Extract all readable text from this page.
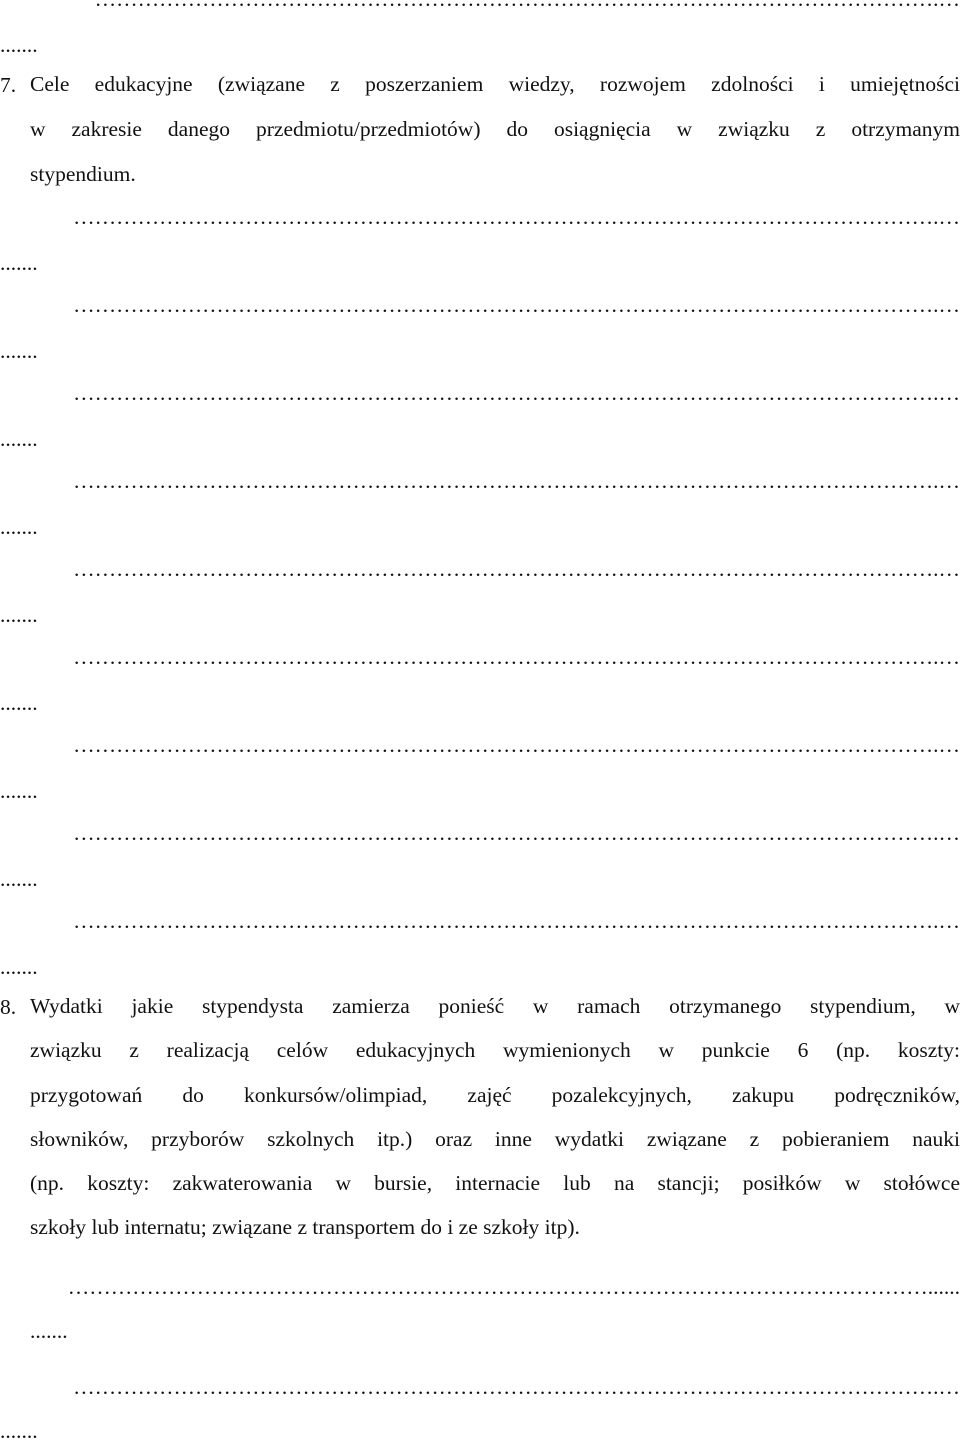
.......
7. Cele edukacyjne (związane z poszerzaniem wiedzy, rozwojem zdolności i umiejętności
w zakresie danego przedmiotu/przedmiotów) do osiągnięcia w związku z otrzymanym
stypendium.
………………………………………………………………………………………………………….…
.......
………………………………………………………………………………………………………….…
.......
………………………………………………………………………………………………………….…
.......
………………………………………………………………………………………………………….…
.......
………………………………………………………………………………………………………….…
.......
………………………………………………………………………………………………………….…
.......
………………………………………………………………………………………………………….…
.......
………………………………………………………………………………………………………….…
.......
………………………………………………………………………………………………………….…
.......
8. Wydatki jakie stypendysta zamierza ponieść w ramach otrzymanego stypendium, w
związku z realizacją celów edukacyjnych wymienionych w punkcie 6 (np. koszty:
przygotowań do konkursów/olimpiad, zajęć pozalekcyjnych, zakupu podręczników,
słowników, przyborów szkolnych itp.) oraz inne wydatki związane z pobieraniem nauki
(np. koszty: zakwaterowania w bursie, internacie lub na stancji; posiłków w stołówce
szkoły lub internatu; związane z transportem do i ze szkoły itp).
…………………………………………………………………………………………………………......
.......
………………………………………………………………………………………………………….…
.......
